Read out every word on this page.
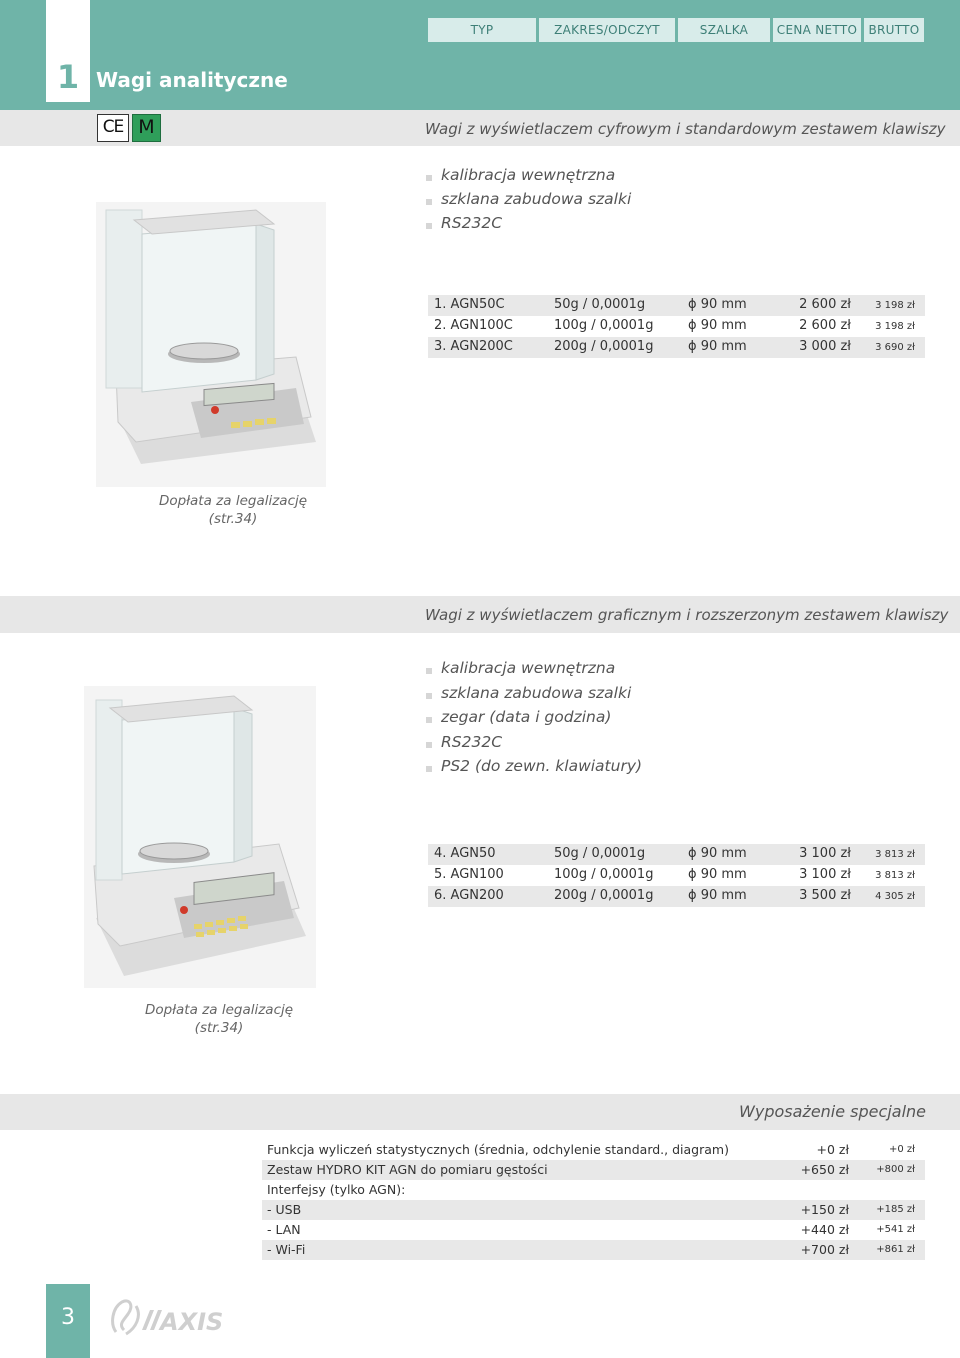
1 Wagi analityczne
TYP	ZAKRES/ODCZYT	SZALKA	CENA NETTO BRUTTO
CE M	Wagi z wyświetlaczem cyfrowym i standardowym zestawem klawiszy
kalibracja wewnętrzna
szklana zabudowa szalki
RS232C
1. AGN50C	50g / 0,0001g	ϕ 90 mm	2 600 zł 3 198 zł
2. AGN100C	100g / 0,0001g	ϕ 90 mm	2 600 zł 3 198 zł
3. AGN200C	200g / 0,0001g	ϕ 90 mm	3 000 zł 3 690 zł
Dopłata za legalizację
(str.34)
Wagi z wyświetlaczem graficznym i rozszerzonym zestawem klawiszy
kalibracja wewnętrzna
szklana zabudowa szalki
zegar (data i godzina)
RS232C
PS2 (do zewn. klawiatury)
4. AGN50	50g / 0,0001g	ϕ 90 mm	3 100 zł 3 813 zł
5. AGN100	100g / 0,0001g	ϕ 90 mm	3 100 zł 3 813 zł
6. AGN200	200g / 0,0001g	ϕ 90 mm	3 500 zł 4 305 zł
Dopłata za legalizację
(str.34)
Wyposażenie specjalne
Funkcja wyliczeń statystycznych (średnia, odchylenie standard., diagram)	+0 zł	+0 zł
Zestaw HYDRO KIT AGN do pomiaru gęstości	+650 zł	+800 zł
Interfejsy (tylko AGN):
- USB	+150 zł	+185 zł
- LAN	+440 zł	+541 zł
- Wi-Fi	+700 zł	+861 zł
3	AXIS
